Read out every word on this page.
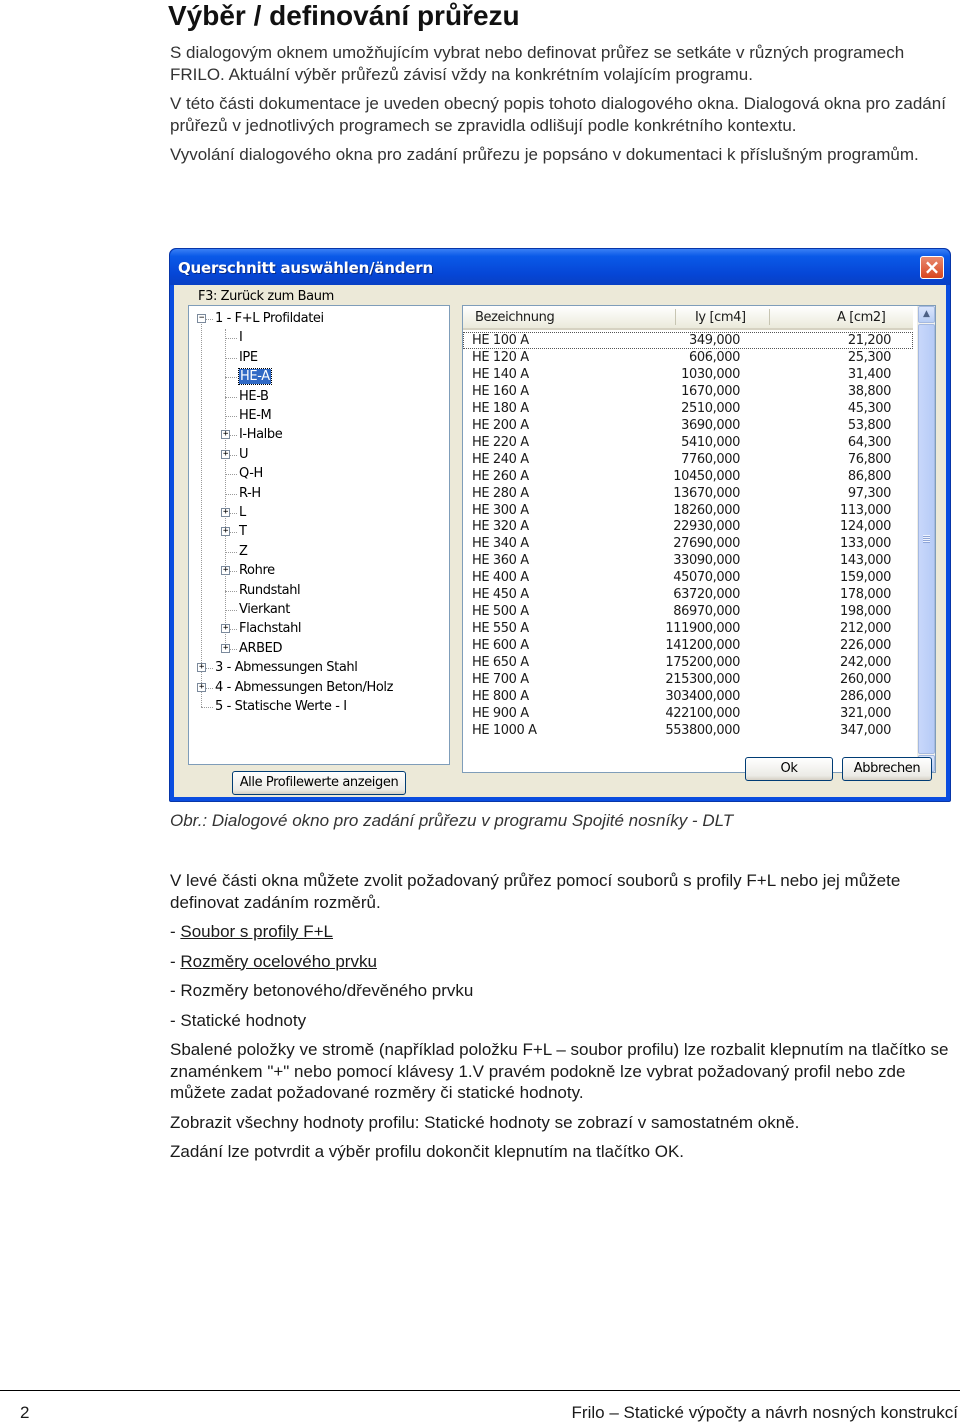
Výběr / definování průřezu

S dialogovým oknem umožňujícím vybrat nebo definovat průřez se setkáte v různých programech FRILO. Aktuální výběr průřezů závisí vždy na konkrétním volajícím programu.

V této části dokumentace je uveden obecný popis tohoto dialogového okna. Dialogová okna pro zadání průřezů v jednotlivých programech se zpravidla odlišují podle konkrétního kontextu.

Vyvolání dialogového okna pro zadání průřezu je popsáno v dokumentaci k příslušným programům.

Querschnitt auswählen/ändern	×
F3: Zurück zum Baum
− 1 - F+L Profildatei
I
IPE
HE-A
HE-B
HE-M
+ I-Halbe
+ U
Q-H
R-H
+ L
+ T
Z
+ Rohre
Rundstahl
Vierkant
+ Flachstahl
+ ARBED
+ 3 - Abmessungen Stahl
+ 4 - Abmessungen Beton/Holz
5 - Statische Werte - I
Bezeichnung	Iy [cm4]	A [cm2]
HE 100 A	349,000	21,200
HE 120 A	606,000	25,300
HE 140 A	1030,000	31,400
HE 160 A	1670,000	38,800
HE 180 A	2510,000	45,300
HE 200 A	3690,000	53,800
HE 220 A	5410,000	64,300
HE 240 A	7760,000	76,800
HE 260 A	10450,000	86,800
HE 280 A	13670,000	97,300
HE 300 A	18260,000	113,000
HE 320 A	22930,000	124,000
HE 340 A	27690,000	133,000
HE 360 A	33090,000	143,000
HE 400 A	45070,000	159,000
HE 450 A	63720,000	178,000
HE 500 A	86970,000	198,000
HE 550 A	111900,000	212,000
HE 600 A	141200,000	226,000
HE 650 A	175200,000	242,000
HE 700 A	215300,000	260,000
HE 800 A	303400,000	286,000
HE 900 A	422100,000	321,000
HE 1000 A	553800,000	347,000
▲
Alle Profilewerte anzeigen
Ok	Abbrechen
Obr.: Dialogové okno pro zadání průřezu v programu Spojité nosníky - DLT

V levé části okna můžete zvolit požadovaný průřez pomocí souborů s profily F+L nebo jej můžete definovat zadáním rozměrů.

- Soubor s profily F+L

- Rozměry ocelového prvku

- Rozměry betonového/dřevěného prvku

- Statické hodnoty

Sbalené položky ve stromě (například položku F+L – soubor profilu) lze rozbalit klepnutím na tlačítko se znaménkem "+" nebo pomocí klávesy 1.V pravém podokně lze vybrat požadovaný profil nebo zde můžete zadat požadované rozměry či statické hodnoty.

Zobrazit všechny hodnoty profilu: Statické hodnoty se zobrazí v samostatném okně.

Zadání lze potvrdit a výběr profilu dokončit klepnutím na tlačítko OK.

2	Frilo – Statické výpočty a návrh nosných konstrukcí
